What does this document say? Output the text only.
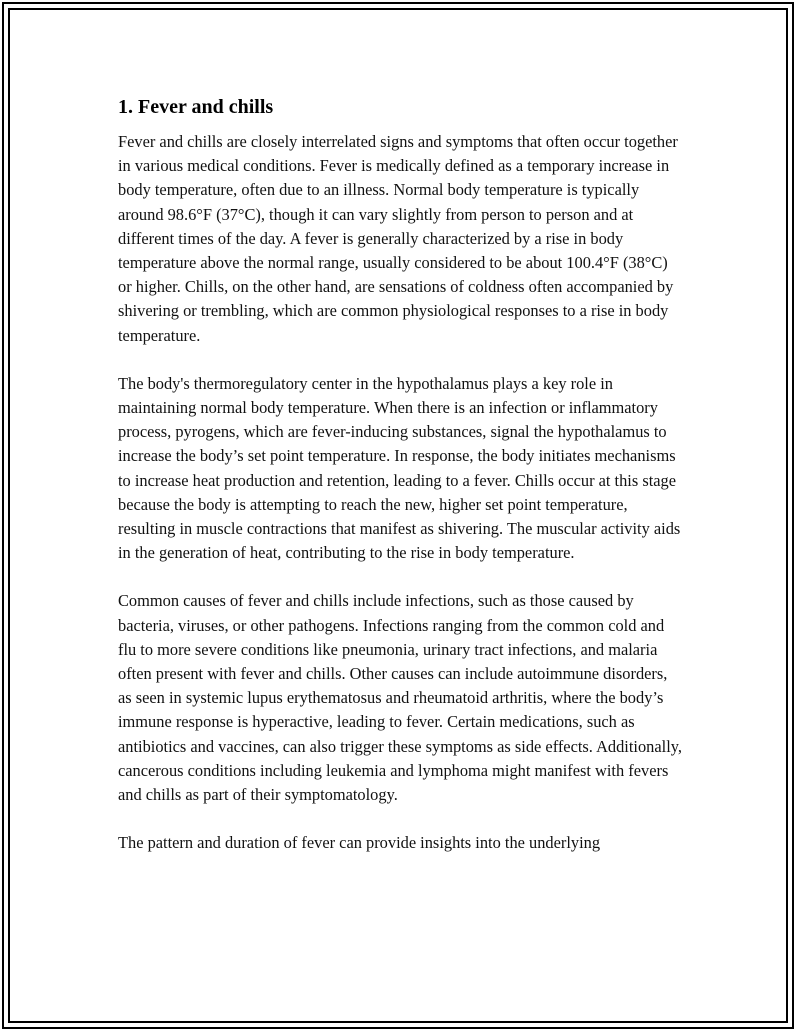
1. Fever and chills

Fever and chills are closely interrelated signs and symptoms that often occur together in various medical conditions. Fever is medically defined as a temporary increase in body temperature, often due to an illness. Normal body temperature is typically around 98.6°F (37°C), though it can vary slightly from person to person and at different times of the day. A fever is generally characterized by a rise in body temperature above the normal range, usually considered to be about 100.4°F (38°C) or higher. Chills, on the other hand, are sensations of coldness often accompanied by shivering or trembling, which are common physiological responses to a rise in body temperature.

The body's thermoregulatory center in the hypothalamus plays a key role in maintaining normal body temperature. When there is an infection or inflammatory process, pyrogens, which are fever-inducing substances, signal the hypothalamus to increase the body’s set point temperature. In response, the body initiates mechanisms to increase heat production and retention, leading to a fever. Chills occur at this stage because the body is attempting to reach the new, higher set point temperature, resulting in muscle contractions that manifest as shivering. The muscular activity aids in the generation of heat, contributing to the rise in body temperature.

Common causes of fever and chills include infections, such as those caused by bacteria, viruses, or other pathogens. Infections ranging from the common cold and flu to more severe conditions like pneumonia, urinary tract infections, and malaria often present with fever and chills. Other causes can include autoimmune disorders, as seen in systemic lupus erythematosus and rheumatoid arthritis, where the body’s immune response is hyperactive, leading to fever. Certain medications, such as antibiotics and vaccines, can also trigger these symptoms as side effects. Additionally, cancerous conditions including leukemia and lymphoma might manifest with fevers and chills as part of their symptomatology.

The pattern and duration of fever can provide insights into the underlying
